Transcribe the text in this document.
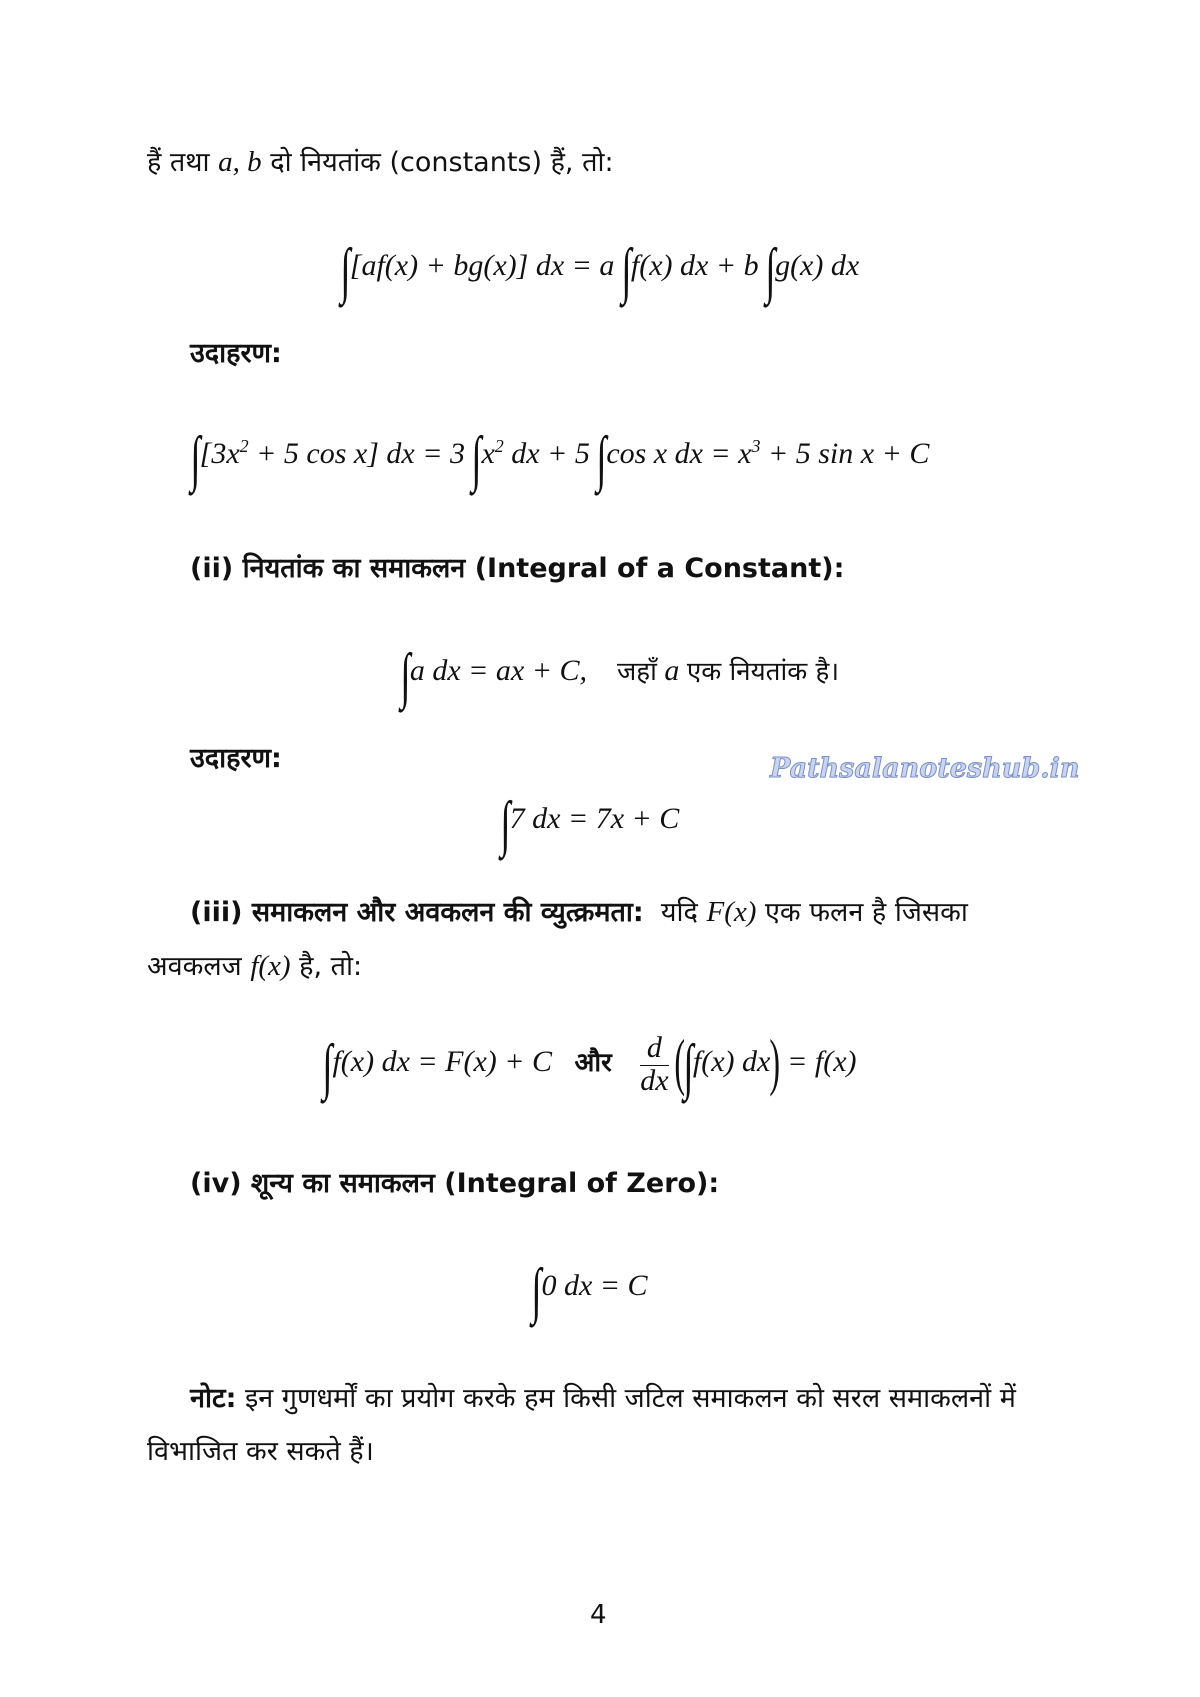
हैं तथा a, b दो नियतांक (constants) हैं, तो:
∫[af(x) + bg(x)] dx = a ∫f(x) dx + b ∫g(x) dx
उदाहरण:
$\int[3x^2 + 5$ cos x] dx = 3 $\int x^2$ dx + 5 ∫cos x dx = $x^3 + 5$ sin x + C
(ii) नियतांक का समाकलन (Integral of a Constant):
∫a dx = ax + C, जहाँ a एक नियतांक है।
उदाहरण:
∫7 dx = 7x + C
(iii) समाकलन और अवकलन की व्युत्क्रमता: यदि F(x) एक फलन है जिसका
अवकलज f(x) है, तो:
∫f(x) dx = F(x) + C और $\frac{d}{dx} (\int f(x) dx) = f(x)$
(iv) शून्य का समाकलन (Integral of Zero):
∫0 dx = C
नोट: इन गुणधर्मों का प्रयोग करके हम किसी जटिल समाकलन को सरल समाकलनों में
विभाजित कर सकते हैं।
4
Pathsalanoteshub.in
